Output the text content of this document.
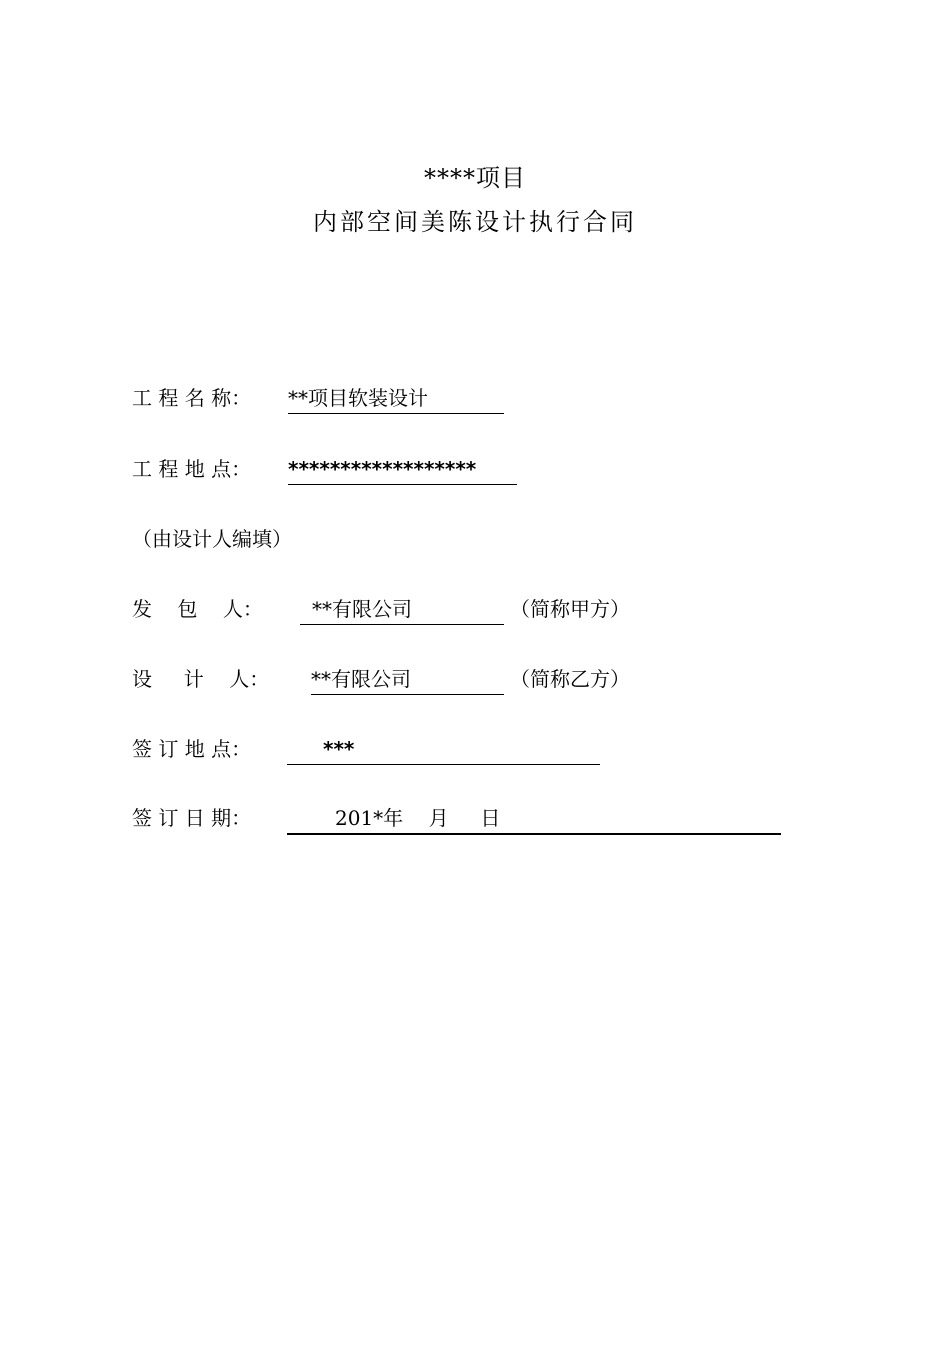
****项目
内部空间美陈设计执行合同
工 程 名 称： **项目软装设计
工 程 地 点： ******************
（由设计人编填）
发    包    人：	**有限公司	（简称甲方）
设     计    人： **有限公司	（简称乙方）
签 订 地 点：	***
签 订 日 期：	201*年    月     日
